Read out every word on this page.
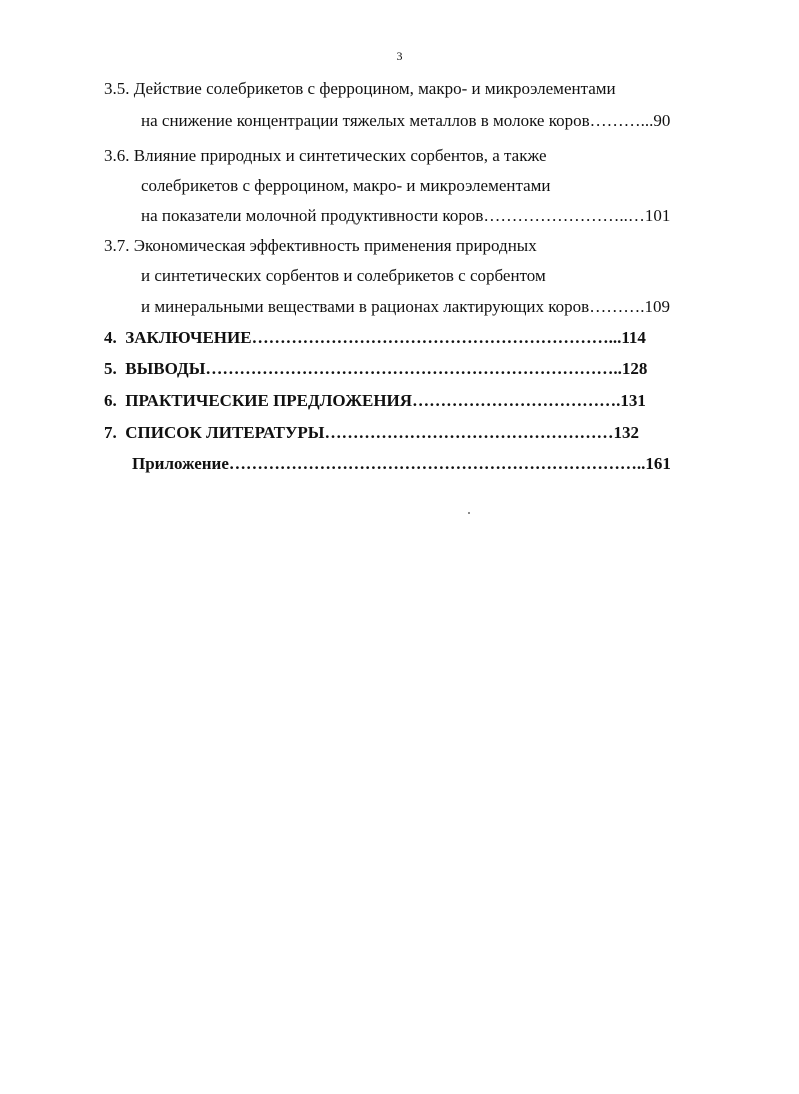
3
3.5. Действие солебрикетов с ферроцином, макро- и микроэлементами
на снижение концентрации тяжелых металлов в молоке коров………...90
3.6. Влияние природных и синтетических сорбентов, а также
солебрикетов с ферроцином, макро- и микроэлементами
на показатели молочной продуктивности коров……………………..…101
3.7. Экономическая эффективность применения природных
и синтетических сорбентов и солебрикетов с сорбентом
и минеральными веществами в рационах лактирующих коров……….109
4. ЗАКЛЮЧЕНИЕ………………………………………………………...114
5. ВЫВОДЫ………………………………………………………………..128
6. ПРАКТИЧЕСКИЕ ПРЕДЛОЖЕНИЯ……………………………….131
7. СПИСОК ЛИТЕРАТУРЫ……………………………………………132
Приложение………………………………………………………………..161
